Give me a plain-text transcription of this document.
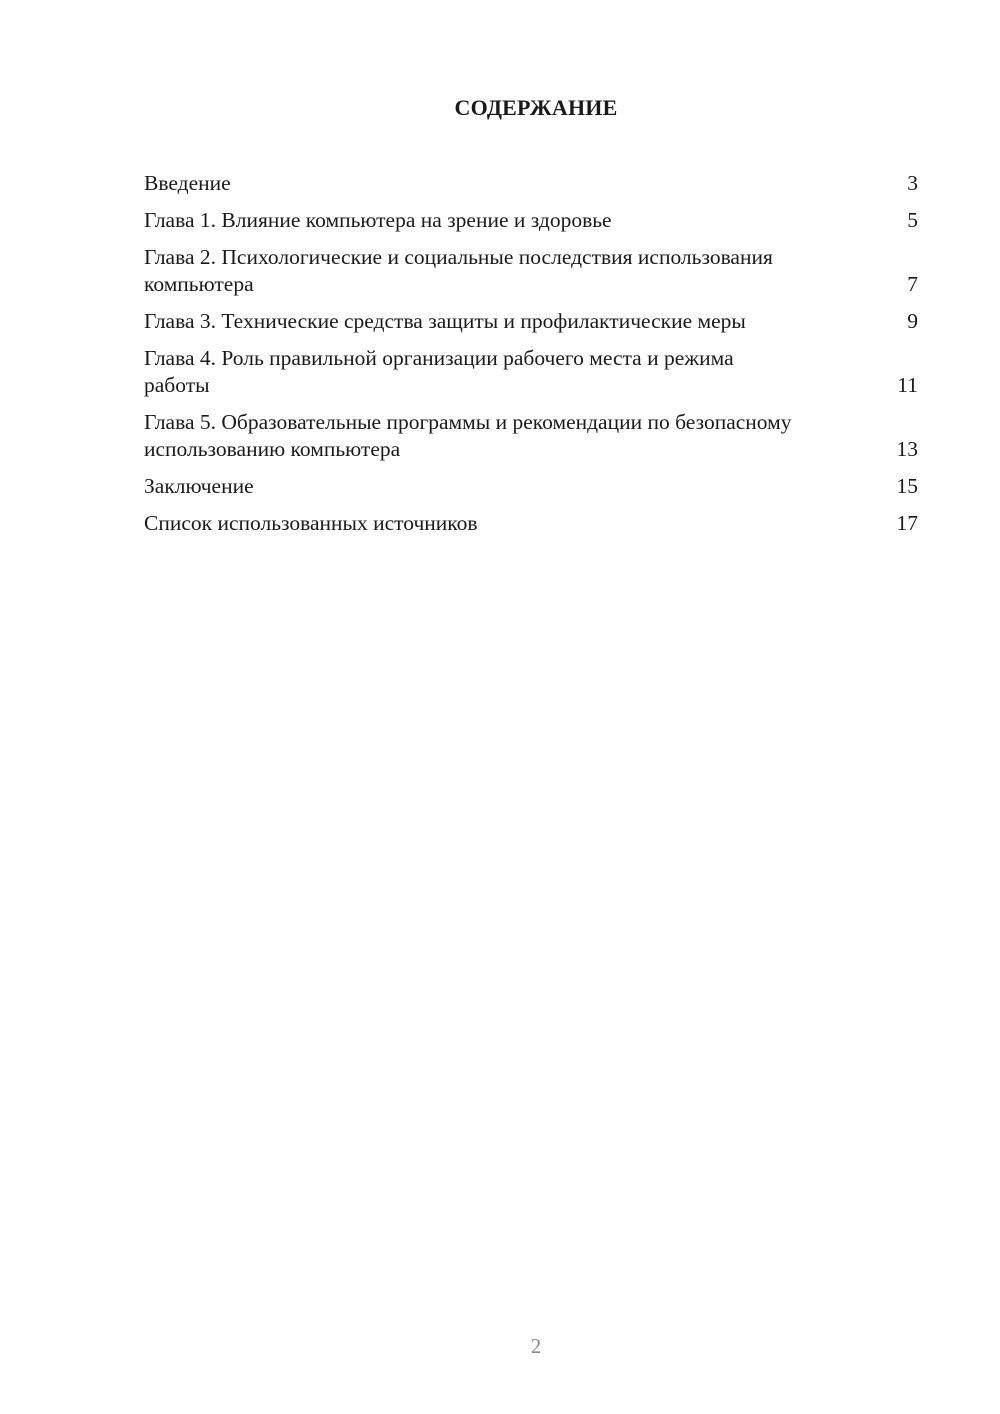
СОДЕРЖАНИЕ
Введение	3
Глава 1. Влияние компьютера на зрение и здоровье	5
Глава 2. Психологические и социальные последствия использования компьютера	7
Глава 3. Технические средства защиты и профилактические меры	9
Глава 4. Роль правильной организации рабочего места и режима работы	11
Глава 5. Образовательные программы и рекомендации по безопасному использованию компьютера	13
Заключение	15
Список использованных источников	17
2
